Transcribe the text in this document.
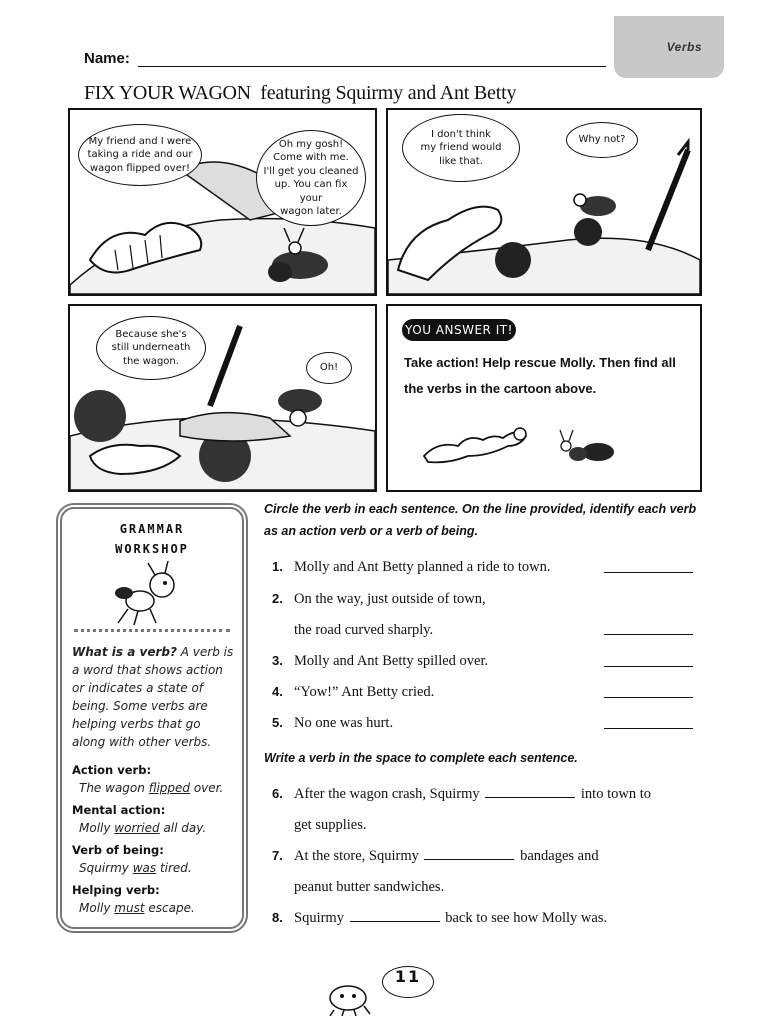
Verbs
Name:
FIX YOUR WAGON featuring Squirmy and Ant Betty
My friend and I were
taking a ride and our
wagon flipped over!
Oh my gosh!
Come with me.
I'll get you cleaned
up. You can fix your
wagon later.
I don't think
my friend would
like that.
Why not?
Because she's
still underneath
the wagon.
Oh!
YOU ANSWER IT!
Take action! Help rescue Molly. Then find all the verbs in the cartoon above.
GRAMMAR
WORKSHOP
What is a verb? A verb is a word that shows action or indicates a state of being. Some verbs are helping verbs that go along with other verbs.
Action verb:
The wagon flipped over.
Mental action:
Molly worried all day.
Verb of being:
Squirmy was tired.
Helping verb:
Molly must escape.
Circle the verb in each sentence. On the line provided, identify each verb as an action verb or a verb of being.
1. Molly and Ant Betty planned a ride to town.
2. On the way, just outside of town,
the road curved sharply.
3. Molly and Ant Betty spilled over.
4. “Yow!” Ant Betty cried.
5. No one was hurt.
Write a verb in the space to complete each sentence.
6. After the wagon crash, Squirmy	into town to
get supplies.
7. At the store, Squirmy	bandages and
peanut butter sandwiches.
8. Squirmy	back to see how Molly was.
11
